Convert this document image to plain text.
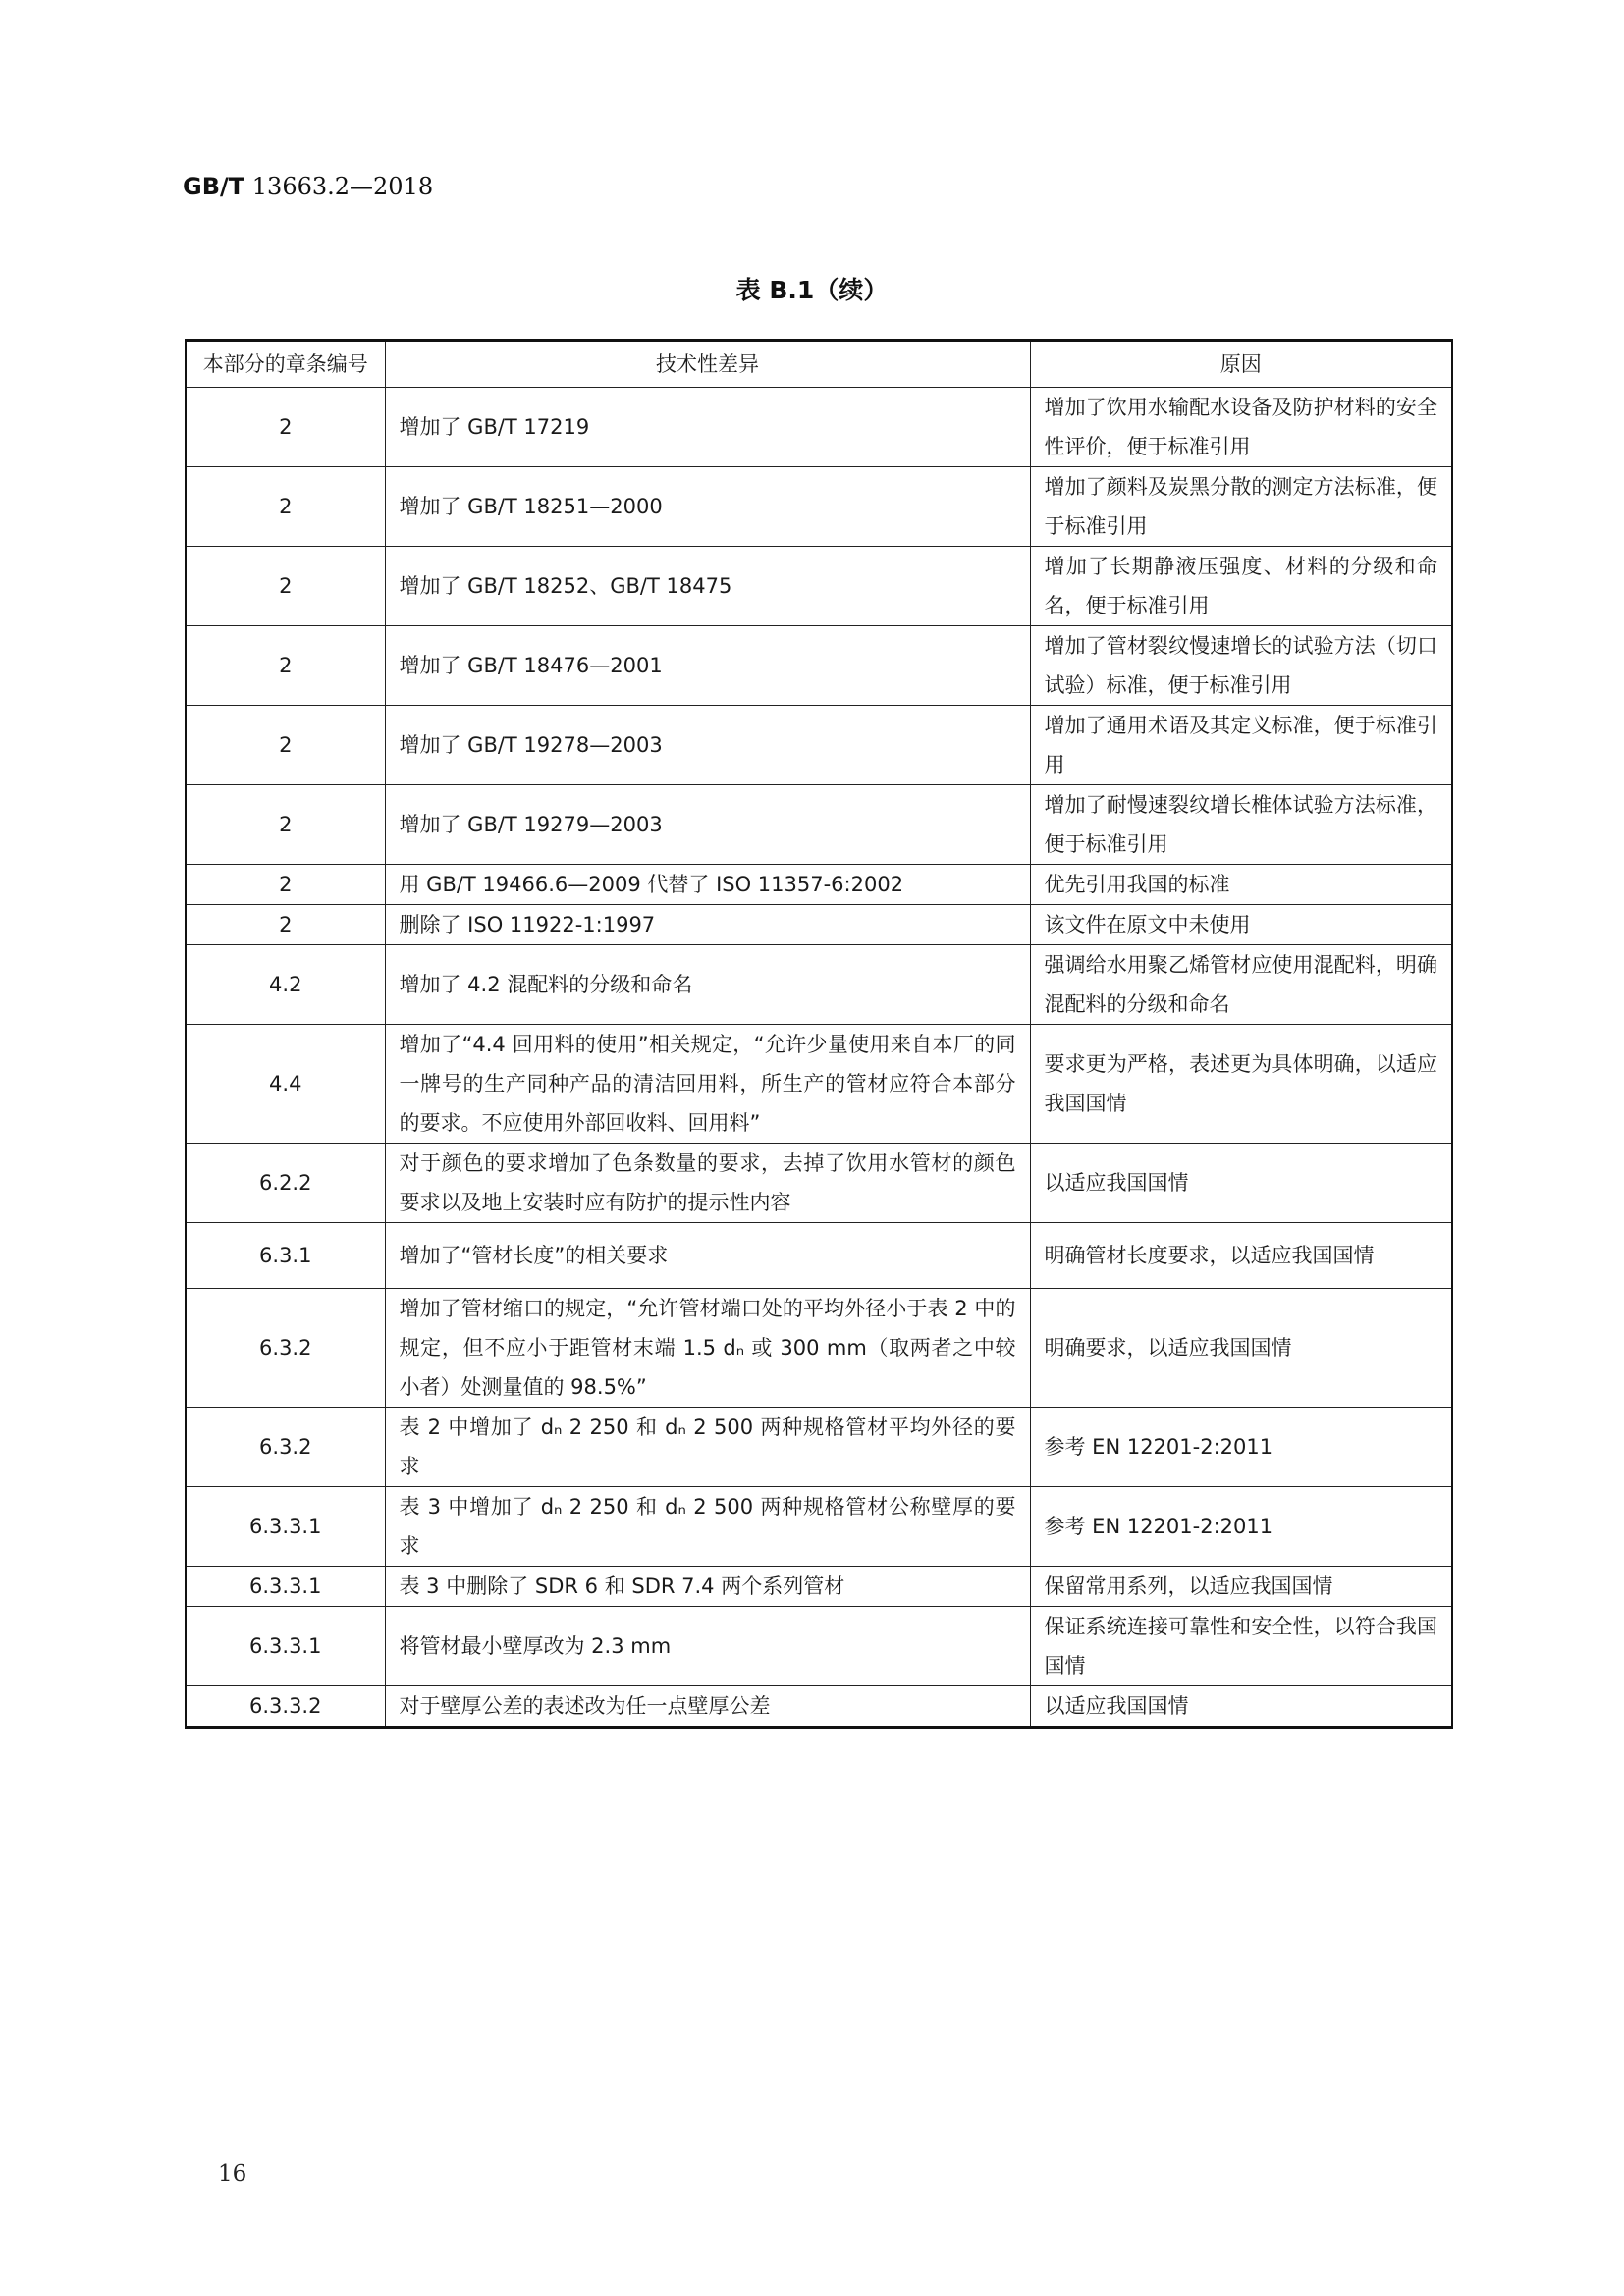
GB/T 13663.2—2018
表 B.1（续）
本部分的章条编号	技术性差异	原因
2	增加了 GB/T 17219	增加了饮用水输配水设备及防护材料的安全性评价，便于标准引用
2	增加了 GB/T 18251—2000	增加了颜料及炭黑分散的测定方法标准，便于标准引用
2	增加了 GB/T 18252、GB/T 18475	增加了长期静液压强度、材料的分级和命名，便于标准引用
2	增加了 GB/T 18476—2001	增加了管材裂纹慢速增长的试验方法（切口试验）标准，便于标准引用
2	增加了 GB/T 19278—2003	增加了通用术语及其定义标准，便于标准引用
2	增加了 GB/T 19279—2003	增加了耐慢速裂纹增长椎体试验方法标准，便于标准引用
2	用 GB/T 19466.6—2009 代替了 ISO 11357-6:2002	优先引用我国的标准
2	删除了 ISO 11922-1:1997	该文件在原文中未使用
4.2	增加了 4.2 混配料的分级和命名	强调给水用聚乙烯管材应使用混配料，明确混配料的分级和命名
4.4	增加了“4.4 回用料的使用”相关规定，“允许少量使用来自本厂的同一牌号的生产同种产品的清洁回用料，所生产的管材应符合本部分的要求。不应使用外部回收料、回用料”	要求更为严格，表述更为具体明确，以适应我国国情
6.2.2	对于颜色的要求增加了色条数量的要求，去掉了饮用水管材的颜色要求以及地上安装时应有防护的提示性内容	以适应我国国情
6.3.1	增加了“管材长度”的相关要求	明确管材长度要求，以适应我国国情
6.3.2	增加了管材缩口的规定，“允许管材端口处的平均外径小于表 2 中的规定，但不应小于距管材末端 1.5 dₙ 或 300 mm（取两者之中较小者）处测量值的 98.5%”	明确要求，以适应我国国情
6.3.2	表 2 中增加了 dₙ 2 250 和 dₙ 2 500 两种规格管材平均外径的要求	参考 EN 12201-2:2011
6.3.3.1	表 3 中增加了 dₙ 2 250 和 dₙ 2 500 两种规格管材公称壁厚的要求	参考 EN 12201-2:2011
6.3.3.1	表 3 中删除了 SDR 6 和 SDR 7.4 两个系列管材	保留常用系列，以适应我国国情
6.3.3.1	将管材最小壁厚改为 2.3 mm	保证系统连接可靠性和安全性，以符合我国国情
6.3.3.2	对于壁厚公差的表述改为任一点壁厚公差	以适应我国国情
16
